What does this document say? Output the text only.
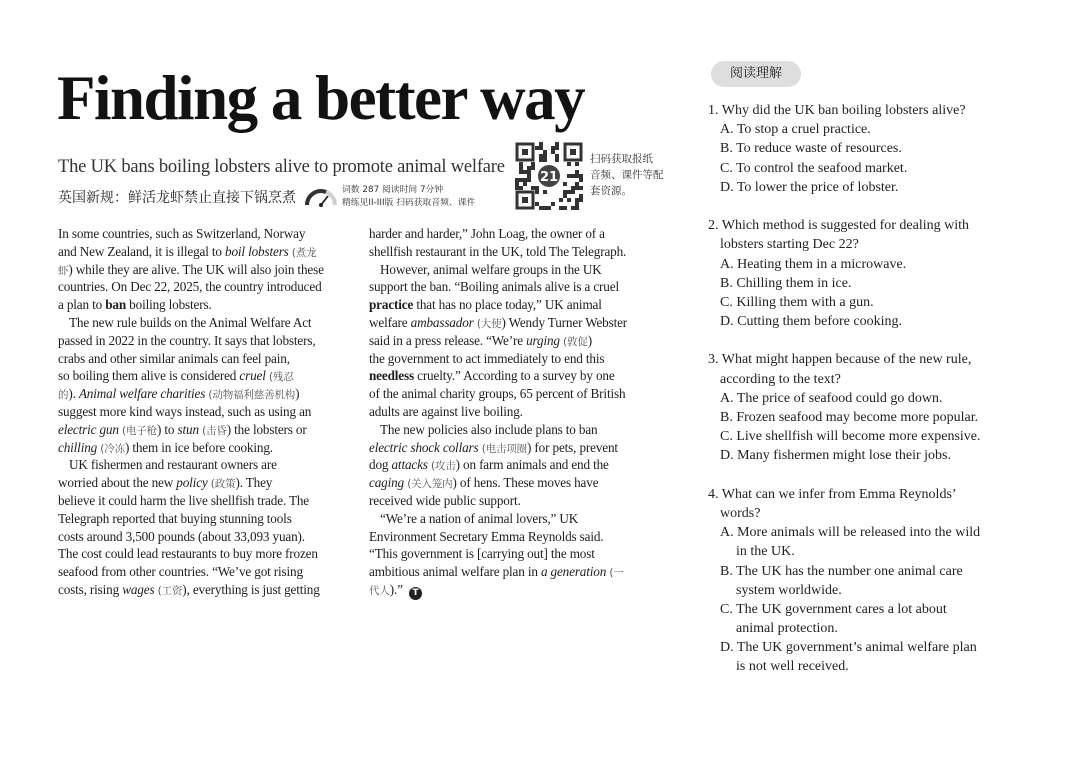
Finding a better way
The UK bans boiling lobsters alive to promote animal welfare
英国新规：鲜活龙虾禁止直接下锅烹煮	词数 287 阅读时间 7分钟
精练见II-III版 扫码获取音频、课件
21
扫码获取报纸
音频、课件等配
套资源。
In some countries, such as Switzerland, Norway
and New Zealand, it is illegal to boil lobsters (煮龙
虾) while they are alive. The UK will also join these
countries. On Dec 22, 2025, the country introduced
a plan to ban boiling lobsters.
The new rule builds on the Animal Welfare Act
passed in 2022 in the country. It says that lobsters,
crabs and other similar animals can feel pain,
so boiling them alive is considered cruel (残忍
的). Animal welfare charities (动物福利慈善机构)
suggest more kind ways instead, such as using an
electric gun (电子枪) to stun (击昏) the lobsters or
chilling (冷冻) them in ice before cooking.
UK fishermen and restaurant owners are
worried about the new policy (政策). They
believe it could harm the live shellfish trade. The
Telegraph reported that buying stunning tools
costs around 3,500 pounds (about 33,093 yuan).
The cost could lead restaurants to buy more frozen
seafood from other countries. “We’ve got rising
costs, rising wages (工资), everything is just getting
harder and harder,” John Loag, the owner of a
shellfish restaurant in the UK, told The Telegraph.
However, animal welfare groups in the UK
support the ban. “Boiling animals alive is a cruel
practice that has no place today,” UK animal
welfare ambassador (大使) Wendy Turner Webster
said in a press release. “We’re urging (敦促)
the government to act immediately to end this
needless cruelty.” According to a survey by one
of the animal charity groups, 65 percent of British
adults are against live boiling.
The new policies also include plans to ban
electric shock collars (电击项圈) for pets, prevent
dog attacks (攻击) on farm animals and end the
caging (关入笼内) of hens. These moves have
received wide public support.
“We’re a nation of animal lovers,” UK
Environment Secretary Emma Reynolds said.
“This government is [carrying out] the most
ambitious animal welfare plan in a generation (一
代人).” T
阅读理解
1. Why did the UK ban boiling lobsters alive?
A. To stop a cruel practice.
B. To reduce waste of resources.
C. To control the seafood market.
D. To lower the price of lobster.
2. Which method is suggested for dealing with
lobsters starting Dec 22?
A. Heating them in a microwave.
B. Chilling them in ice.
C. Killing them with a gun.
D. Cutting them before cooking.
3. What might happen because of the new rule,
according to the text?
A. The price of seafood could go down.
B. Frozen seafood may become more popular.
C. Live shellfish will become more expensive.
D. Many fishermen might lose their jobs.
4. What can we infer from Emma Reynolds’
words?
A. More animals will be released into the wild
in the UK.
B. The UK has the number one animal care
system worldwide.
C. The UK government cares a lot about
animal protection.
D. The UK government’s animal welfare plan
is not well received.
